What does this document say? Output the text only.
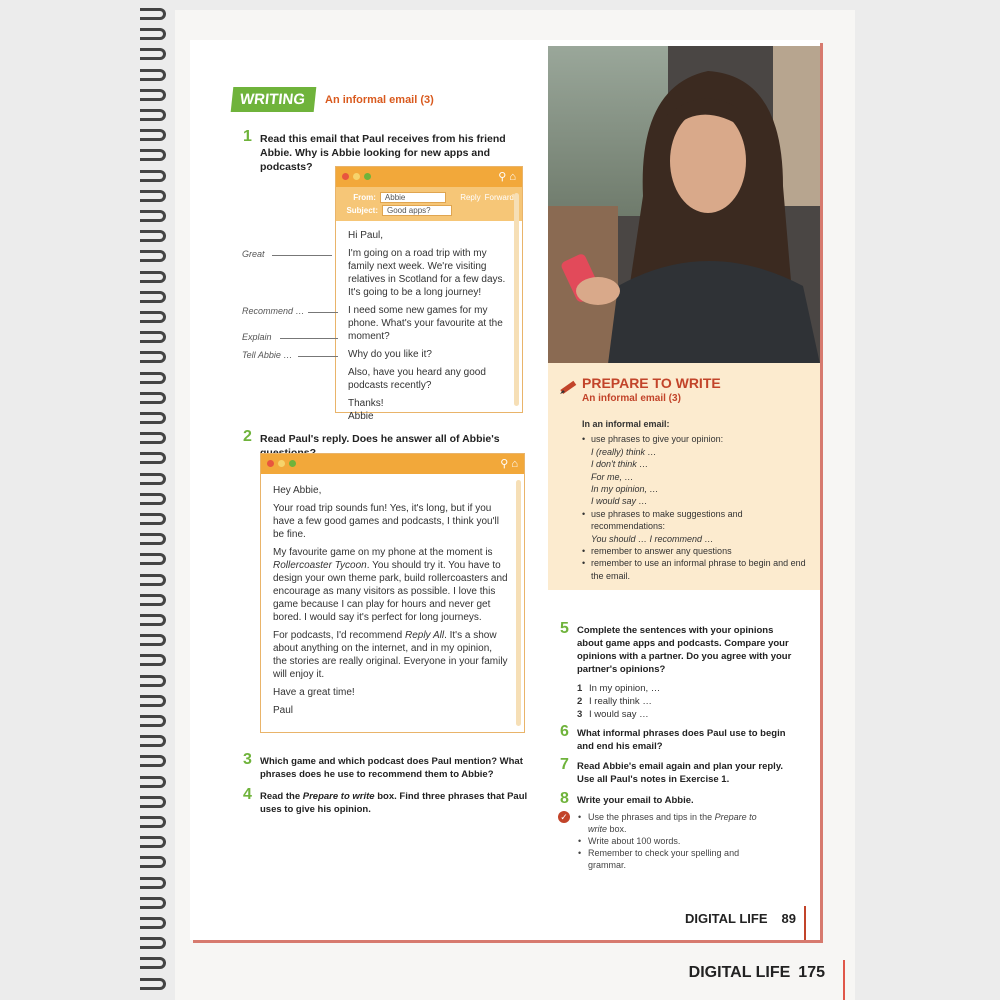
DIGITAL LIFE 175
WRITING	An informal email (3)
1 Read this email that Paul receives from his friend Abbie. Why is Abbie looking for new apps and podcasts?
⚲ ⌂
From:	Abbie	Reply Forward
Subject:	Good apps?

Hi Paul,

I'm going on a road trip with my family next week. We're visiting relatives in Scotland for a few days. It's going to be a long journey!

I need some new games for my phone. What's your favourite at the moment?

Why do you like it?

Also, have you heard any good podcasts recently?

Thanks!

Abbie

Great
Recommend …
Explain
Tell Abbie …
2 Read Paul's reply. Does he answer all of Abbie's
⚲ ⌂

Hey Abbie,

Your road trip sounds fun! Yes, it's long, but if you have a few good games and podcasts, I think you'll be fine.

My favourite game on my phone at the moment is Rollercoaster Tycoon. You should try it. You have to design your own theme park, build rollercoasters and encourage as many visitors as possible. I love this game because I can play for hours and never get bored. I would say it's perfect for long journeys.

For podcasts, I'd recommend Reply All. It's a show about anything on the internet, and in my opinion, the stories are really original. Everyone in your family will enjoy it.

Have a great time!

Paul

3 Which game and which podcast does Paul mention? What phrases does he use to recommend them to Abbie?
4 Read the Prepare to write box. Find three phrases that Paul uses to give his opinion.
PREPARE TO WRITE
An informal email (3)
In an informal email:
• use phrases to give your opinion:
I (really) think …
I don't think …
For me, …
In my opinion, …
I would say …
• use phrases to make suggestions and recommendations:
You should … I recommend …
• remember to answer any questions
• remember to use an informal phrase to begin and end the email.
5 Complete the sentences with your opinions about game apps and podcasts. Compare your opinions with a partner. Do you agree with your partner's opinions?
1 In my opinion, …
2 I really think …
3 I would say …
6 What informal phrases does Paul use to begin and end his email?
7 Read Abbie's email again and plan your reply. Use all Paul's notes in Exercise 1.
8 Write your email to Abbie.
✓
•	Use the phrases and tips in the Prepare to write box.
• Write about 100 words.
• Remember to check your spelling and grammar.
DIGITAL LIFE 89
